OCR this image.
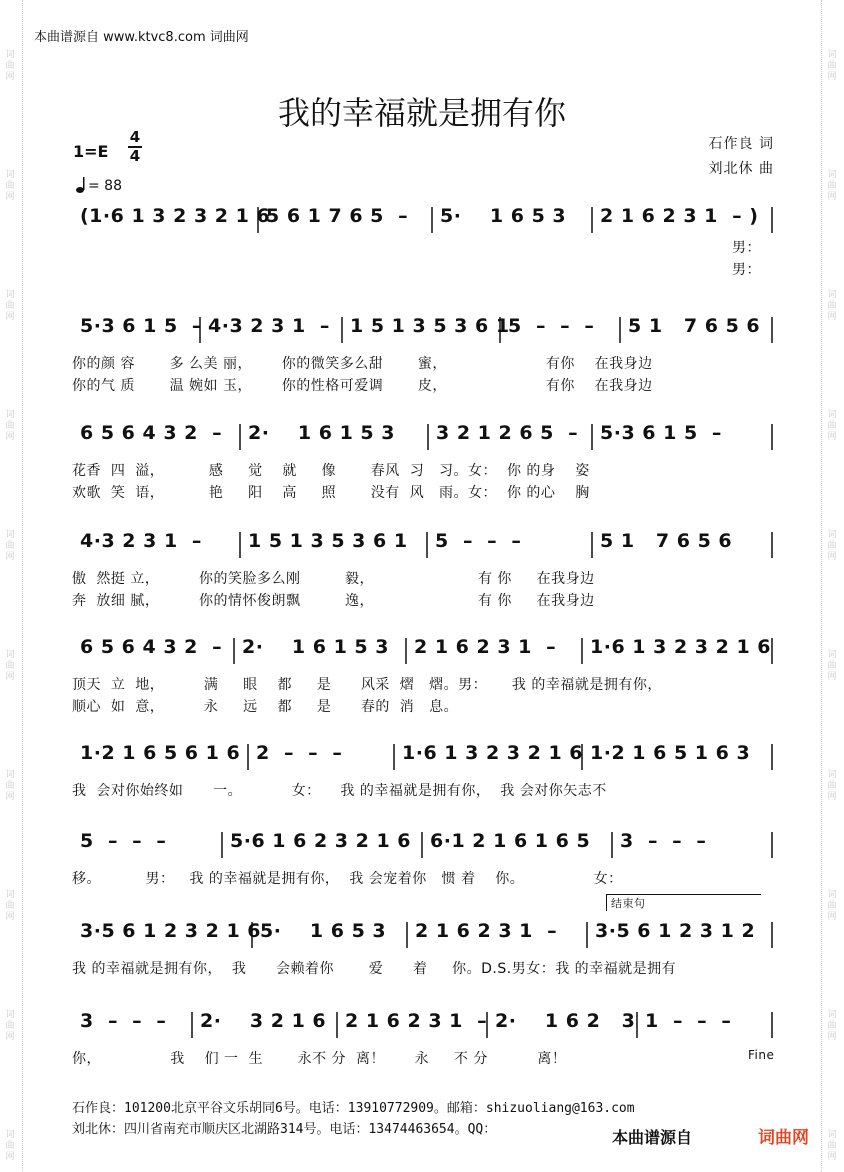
词
曲
网
词
曲
网
词
曲
网
词
曲
网
词
曲
网
词
曲
网
词
曲
网
词
曲
网
词
曲
网
词
曲
网
词
曲
网
词
曲
网
词
曲
网
词
曲
网
词
曲
网
词
曲
网
词
曲
网
词
曲
网
词
曲
网
词
曲
网
本曲谱源自 www.ktvc8.com 词曲网
我的幸福就是拥有你
石作良 词
刘北休 曲
1=E
4
4
= 88
(1·6 1 3 2 3 2 1 6
5 6 1 7 6 5  – 5·    1 6 5 3 2 1 6 2 3 1  – )
男：
男：
5·3 6 1 5  – 4·3 2 3 1  – 1 5 1 3 5 3 6 1
5  –  –  – 5 1   7 6 5 6
你的颜 容       多 么美 丽，      你的微笑多么甜       蜜，                    有你    在我身边
你的气 质       温 婉如 玉，      你的性格可爱调       皮，                    有你    在我身边
6 5 6 4 3 2  – 2·    1 6 1 5 3 3 2 1 2 6 5  – 5·3 6 1 5  –
花香  四  溢，         感     觉    就     像       春风  习   习。女：  你 的身    姿
欢歌  笑  语，         艳     阳    高     照       没有  风   雨。女：  你 的心    胸
4·3 2 3 1  – 1 5 1 3 5 3 6 1 5  –  –  –	5 1   7 6 5 6
傲  然挺 立，        你的笑脸多么刚         毅，                     有 你     在我身边
奔  放细 腻，        你的情怀俊朗飘         逸，                     有 你     在我身边
6 5 6 4 3 2  – 2·    1 6 1 5 3 2 1 6 2 3 1  – 1·6 1 3 2 3 2 1 6
顶天  立  地，        满     眼    都     是      风采  熠   熠。男：     我 的幸福就是拥有你，
顺心  如  意，        永     远    都     是      春的  消   息。
1·2 1 6 5 6 1 6 2  –  –  –	1·6 1 3 2 3 2 1 6 1·2 1 6 5 1 6 3
我  会对你始终如      一。          女：    我 的幸福就是拥有你，  我 会对你矢志不
5  –  –  –	5·6 1 6 2 3 2 1 6 6·1 2 1 6 1 6 5 3  –  –  –
移。         男：   我 的幸福就是拥有你，  我 会宠着你   惯 着    你。              女：
3·5 6 1 2 3 2 1 6
5·    1 6 5 3 2 1 6 2 3 1  – 3·5 6 1 2 3 1 2
我 的幸福就是拥有你，  我      会赖着你       爱      着     你。D.S.男女：我 的幸福就是拥有
结束句
3  –  –  – 2·    3 2 1 6 2 1 6 2 3 1  – 2·    1 6 2   3 1  –  –  –
你，              我    们 一  生       永不 分  离！      永     不 分          离！	Fine
石作良：101200北京平谷文乐胡同6号。电话：13910772909。邮箱：shizuoliang@163.com
刘北休：四川省南充市顺庆区北湖路314号。电话：13474463654。QQ：	本曲谱源自	词曲网
